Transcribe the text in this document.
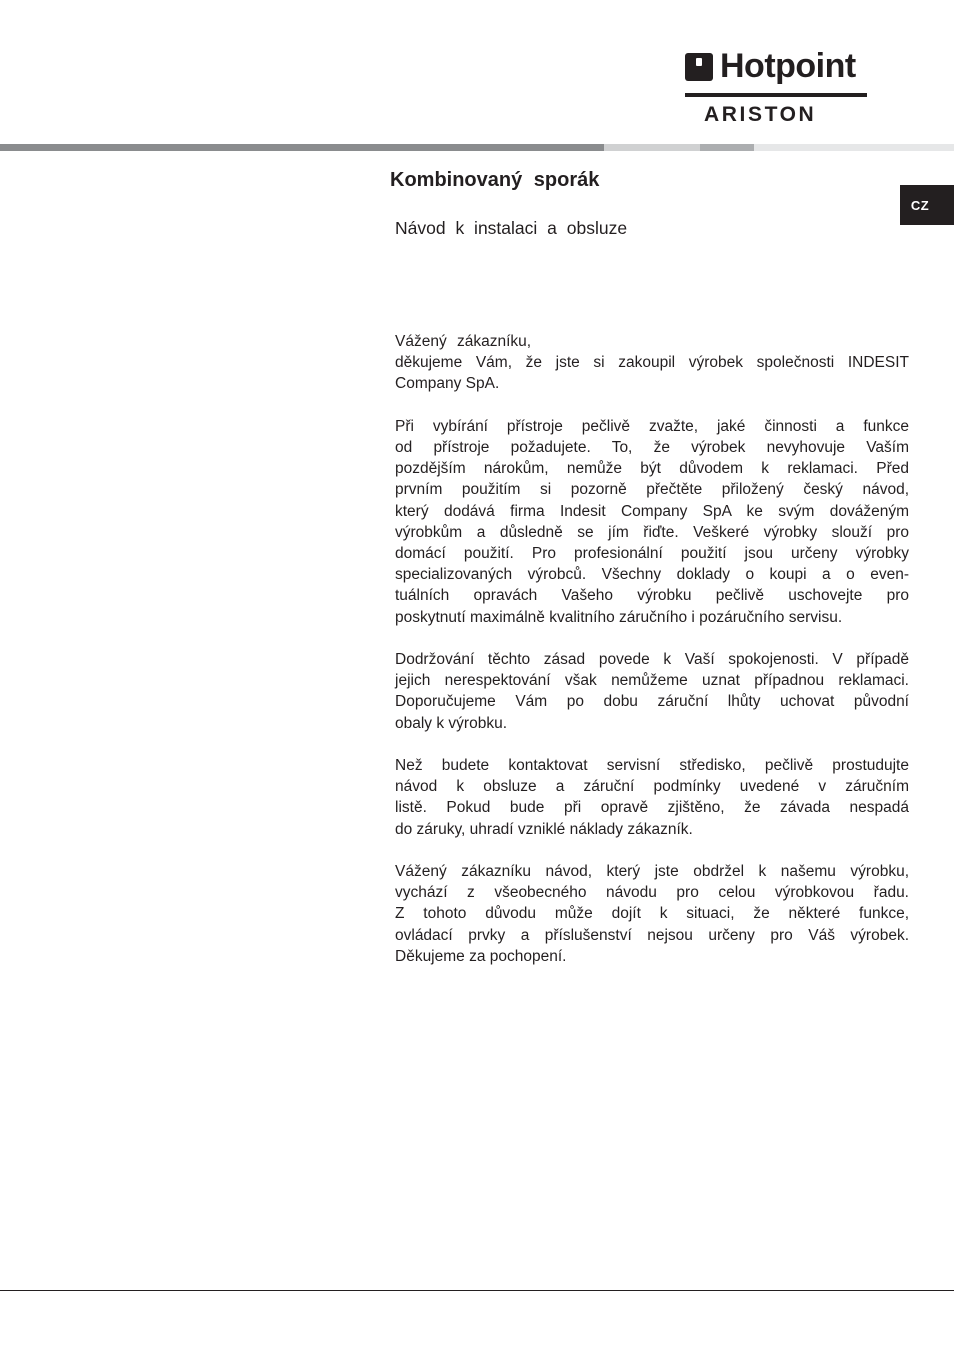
Hotpoint
ARISTON
CZ
Kombinovaný sporák

Návod k instalaci a obsluze

Vážený zákazníku,

děkujeme Vám, že jste si zakoupil výrobek společnosti INDESIT
Company SpA.

Při vybírání přístroje pečlivě zvažte, jaké činnosti a funkce
od přístroje požadujete. To, že výrobek nevyhovuje Vaším
pozdějším nárokům, nemůže být důvodem k reklamaci. Před
prvním použitím si pozorně přečtěte přiložený český návod,
který dodává firma Indesit Company SpA ke svým dováženým
výrobkům a důsledně se jím řiďte. Veškeré výrobky slouží pro
domácí použití. Pro profesionální použití jsou určeny výrobky
specializovaných výrobců. Všechny doklady o koupi a o even-
tuálních opravách Vašeho výrobku pečlivě uschovejte pro
poskytnutí maximálně kvalitního záručního i pozáručního servisu.

Dodržování těchto zásad povede k Vaší spokojenosti. V případě
jejich nerespektování však nemůžeme uznat případnou reklamaci.
Doporučujeme Vám po dobu záruční lhůty uchovat původní
obaly k výrobku.

Než budete kontaktovat servisní středisko, pečlivě prostudujte
návod k obsluze a záruční podmínky uvedené v záručním
listě. Pokud bude při opravě zjištěno, že závada nespadá
do záruky, uhradí vzniklé náklady zákazník.

Vážený zákazníku návod, který jste obdržel k našemu výrobku,
vychází z všeobecného návodu pro celou výrobkovou řadu.
Z tohoto důvodu může dojít k situaci, že některé funkce,
ovládací prvky a příslušenství nejsou určeny pro Váš výrobek.
Děkujeme za pochopení.
